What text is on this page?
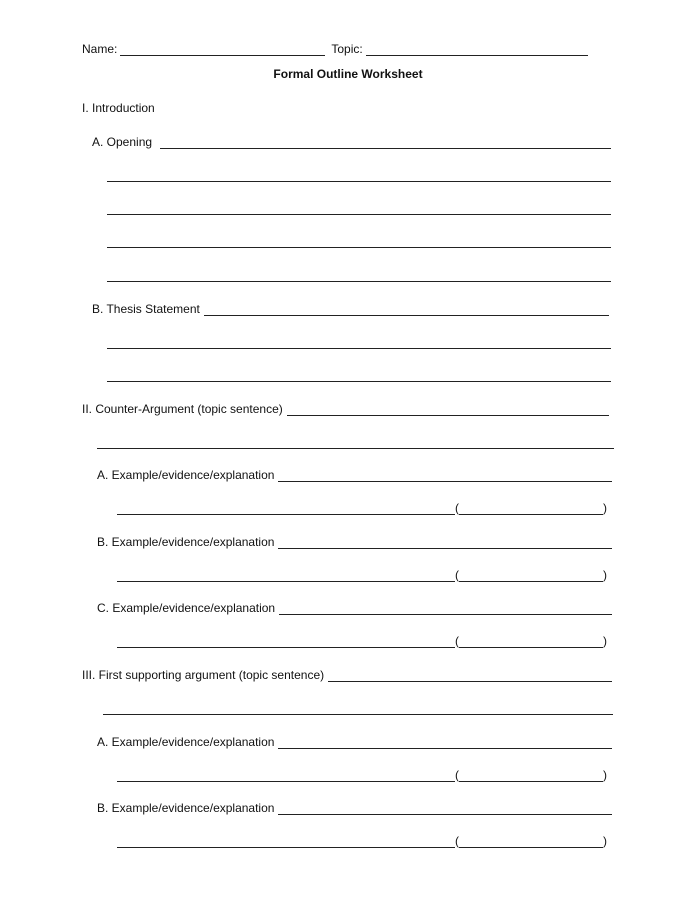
Name:	Topic:
Formal Outline Worksheet
I. Introduction
A. Opening
B. Thesis Statement
II. Counter-Argument (topic sentence)
A. Example/evidence/explanation
(	)
B. Example/evidence/explanation
(	)
C. Example/evidence/explanation
(	)
III. First supporting argument (topic sentence)
A. Example/evidence/explanation
(	)
B. Example/evidence/explanation
(	)
